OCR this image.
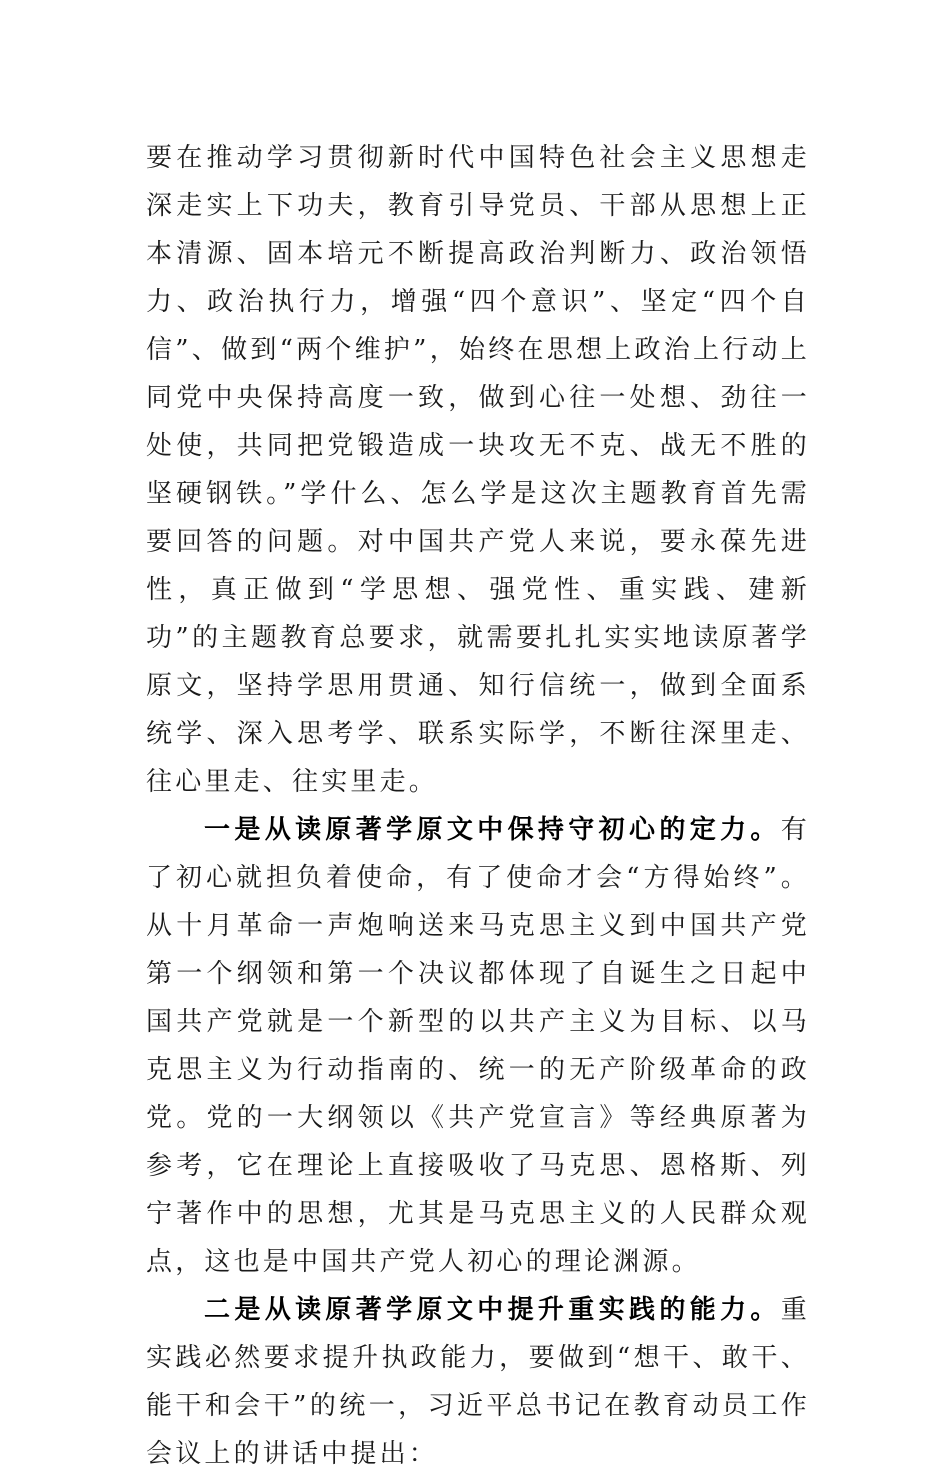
要在推动学习贯彻新时代中国特色社会主义思想走深走实上下功夫，教育引导党员、干部从思想上正本清源、固本培元不断提高政治判断力、政治领悟力、政治执行力，增强“四个意识”、坚定“四个自信”、做到“两个维护”，始终在思想上政治上行动上同党中央保持高度一致，做到心往一处想、劲往一处使，共同把党锻造成一块攻无不克、战无不胜的坚硬钢铁。”学什么、怎么学是这次主题教育首先需要回答的问题。对中国共产党人来说，要永葆先进性，真正做到“学思想、强党性、重实践、建新功”的主题教育总要求，就需要扎扎实实地读原著学原文，坚持学思用贯通、知行信统一，做到全面系统学、深入思考学、联系实际学，不断往深里走、往心里走、往实里走。

一是从读原著学原文中保持守初心的定力。有了初心就担负着使命，有了使命才会“方得始终”。从十月革命一声炮响送来马克思主义到中国共产党第一个纲领和第一个决议都体现了自诞生之日起中国共产党就是一个新型的以共产主义为目标、以马克思主义为行动指南的、统一的无产阶级革命的政党。党的一大纲领以《共产党宣言》等经典原著为参考，它在理论上直接吸收了马克思、恩格斯、列宁著作中的思想，尤其是马克思主义的人民群众观点，这也是中国共产党人初心的理论渊源。

二是从读原著学原文中提升重实践的能力。重实践必然要求提升执政能力，要做到“想干、敢干、能干和会干”的统一，习近平总书记在教育动员工作会议上的讲话中提出：
